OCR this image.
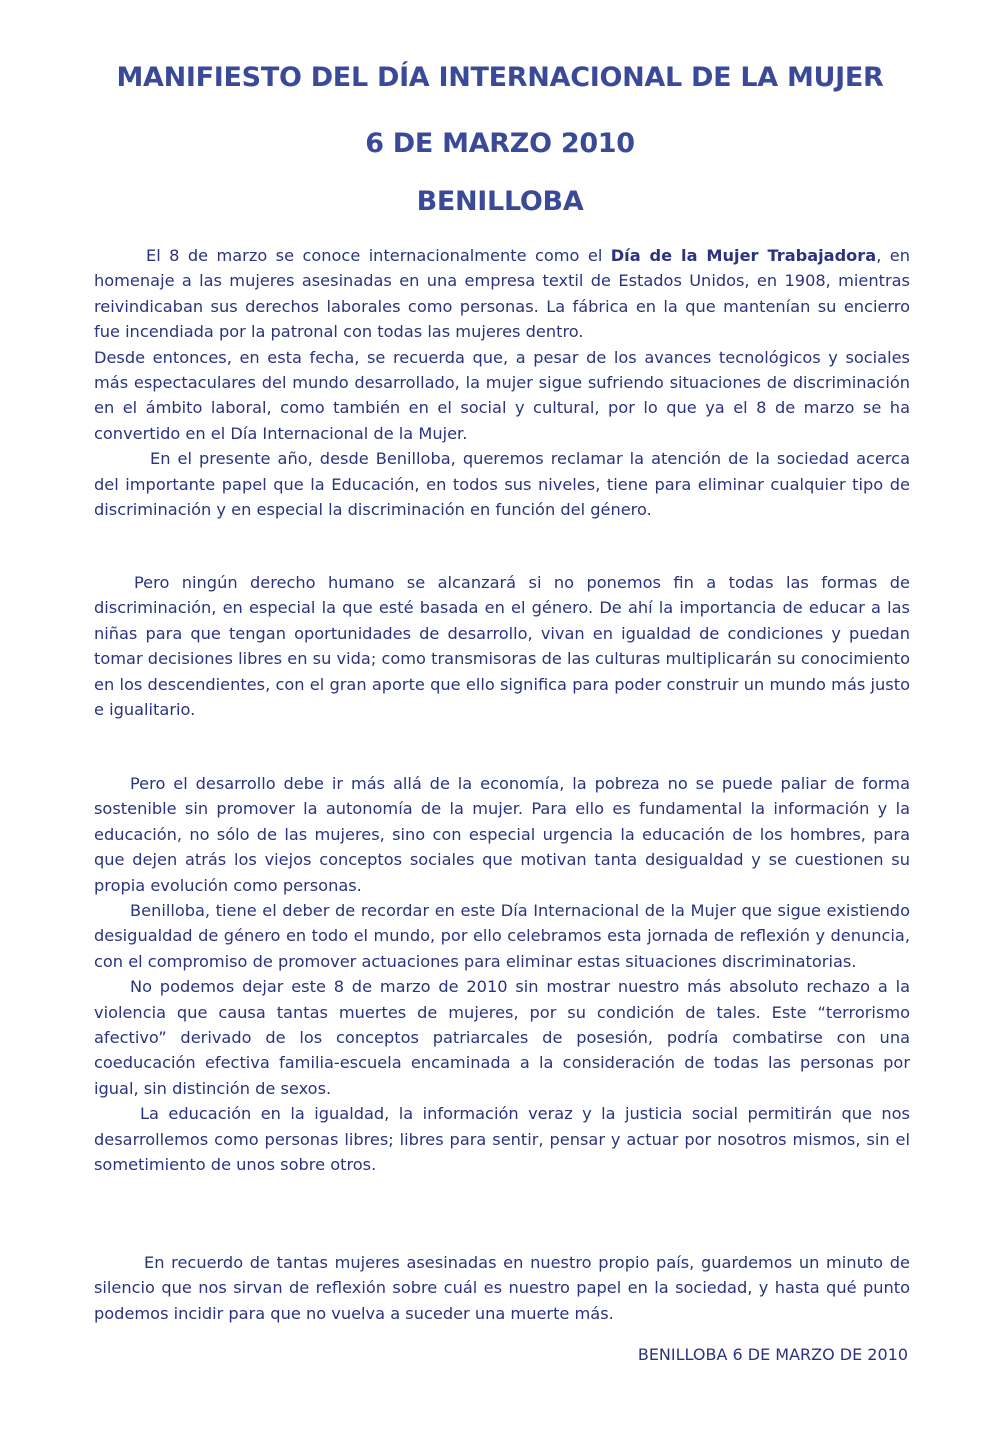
MANIFIESTO DEL DÍA INTERNACIONAL DE LA MUJER
6 DE MARZO 2010
BENILLOBA

El 8 de marzo se conoce internacionalmente como el Día de la Mujer Trabajadora, en homenaje a las mujeres asesinadas en una empresa textil de Estados Unidos, en 1908, mientras reivindicaban sus derechos laborales como personas. La fábrica en la que mantenían su encierro fue incendiada por la patronal con todas las mujeres dentro.

Desde entonces, en esta fecha, se recuerda que, a pesar de los avances tecnológicos y sociales más espectaculares del mundo desarrollado, la mujer sigue sufriendo situaciones de discriminación en el ámbito laboral, como también en el social y cultural, por lo que ya el 8 de marzo se ha convertido en el Día Internacional de la Mujer.

En el presente año, desde Benilloba, queremos reclamar la atención de la sociedad acerca del importante papel que la Educación, en todos sus niveles, tiene para eliminar cualquier tipo de discriminación y en especial la discriminación en función del género.

Pero ningún derecho humano se alcanzará si no ponemos fin a todas las formas de discriminación, en especial la que esté basada en el género. De ahí la importancia de educar a las niñas para que tengan oportunidades de desarrollo, vivan en igualdad de condiciones y puedan tomar decisiones libres en su vida; como transmisoras de las culturas multiplicarán su conocimiento en los descendientes, con el gran aporte que ello significa para poder construir un mundo más justo e igualitario.

Pero el desarrollo debe ir más allá de la economía, la pobreza no se puede paliar de forma sostenible sin promover la autonomía de la mujer. Para ello es fundamental la información y la educación, no sólo de las mujeres, sino con especial urgencia la educación de los hombres, para que dejen atrás los viejos conceptos sociales que motivan tanta desigualdad y se cuestionen su propia evolución como personas.

Benilloba, tiene el deber de recordar en este Día Internacional de la Mujer que sigue existiendo desigualdad de género en todo el mundo, por ello celebramos esta jornada de reflexión y denuncia, con el compromiso de promover actuaciones para eliminar estas situaciones discriminatorias.

No podemos dejar este 8 de marzo de 2010 sin mostrar nuestro más absoluto rechazo a la violencia que causa tantas muertes de mujeres, por su condición de tales. Este “terrorismo afectivo” derivado de los conceptos patriarcales de posesión, podría combatirse con una coeducación efectiva familia-escuela encaminada a la consideración de todas las personas por igual, sin distinción de sexos.

La educación en la igualdad, la información veraz y la justicia social permitirán que nos desarrollemos como personas libres; libres para sentir, pensar y actuar por nosotros mismos, sin el sometimiento de unos sobre otros.

En recuerdo de tantas mujeres asesinadas en nuestro propio país, guardemos un minuto de silencio que nos sirvan de reflexión sobre cuál es nuestro papel en la sociedad, y hasta qué punto podemos incidir para que no vuelva a suceder una muerte más.

BENILLOBA 6 DE MARZO DE 2010
